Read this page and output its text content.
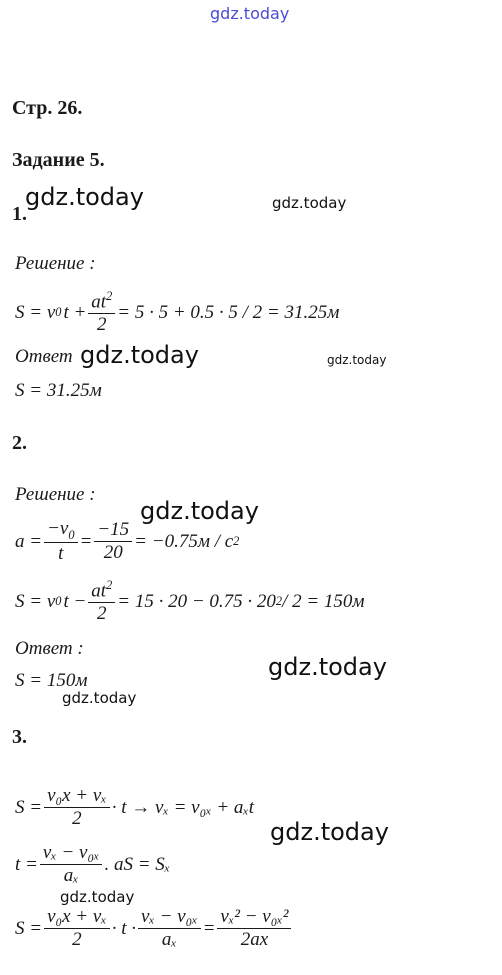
gdz.today
gdz.today	gdz.today
gdz.today	gdz.today
gdz.today
gdz.today
gdz.today
gdz.today
gdz.today
Стр. 26.
Задание 5.
1.
Решение :
S = v 0 $t + \frac{at^2}{2} = 5 \cdot 5 + 0.5 \cdot 5 / 2 = 31.25м$
Ответ
S = 31.25м
2.
Решение :
$a = \frac{-v_0}{t} = \frac{-15}{20} = -0.75м / c$ 2
S = v 0 $t - \frac{at^2}{2} = 15 \cdot 20 - 0.75 \cdot 20$ 2 / 2 = 150м
Ответ :
S = 150м
3.
$S = \frac{\text{v₀x + vₓ}}{2} \cdot t \to v_x = v_{0x} + a_xt$
$t = \frac{\text{vₓ − v₀ₓ}}{\text{aₓ}}$ . aS = Sₓ
$S = \frac{\text{v₀x + vₓ}}{2} \cdot t \cdot \frac{\text{vₓ − v₀ₓ}}{\text{aₓ}} = \frac{\text{vₓ² − v₀ₓ²}}{2ax}$
